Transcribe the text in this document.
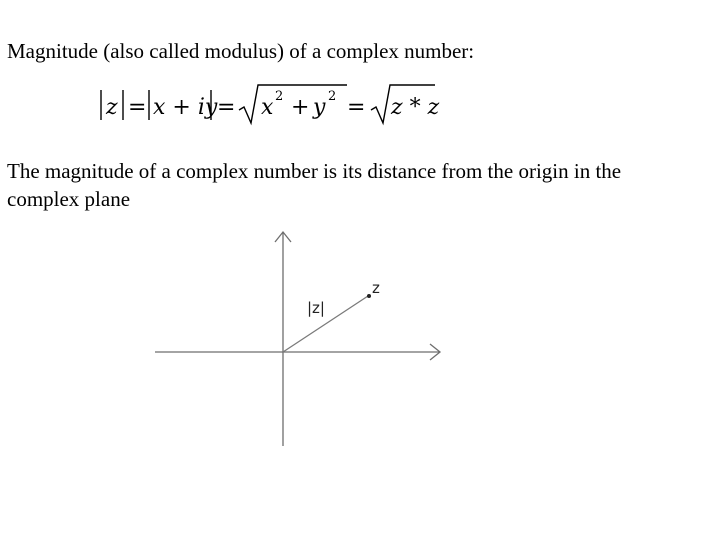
Magnitude (also called modulus) of a complex number:
z = x + iy = x + y = z * z
2	2
The magnitude of a complex number is its distance from the origin in the
complex plane
z
|z|
